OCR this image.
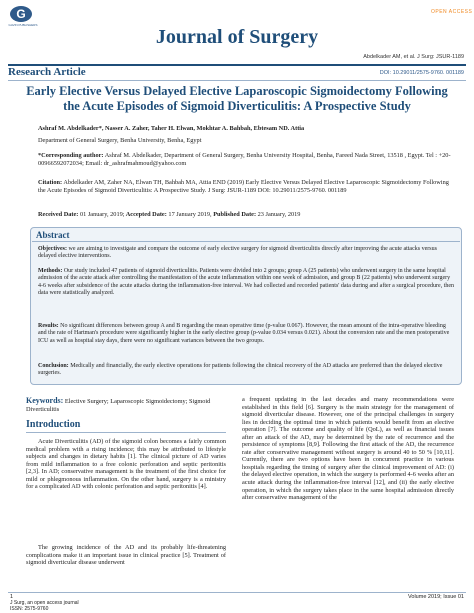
G
GAVIN PUBLISHERS
OPEN ACCESS
Journal of Surgery
Abdelkader AM, et al. J Surg: JSUR-1189
Research Article	DOI: 10.29011/2575-9760. 001189
Early Elective Versus Delayed Elective Laparoscopic Sigmoidectomy Following the Acute Episodes of Sigmoid Diverticulitis: A Prospective Study
Ashraf M. Abdelkader*, Nasser A. Zaher, Taher H. Elwan, Mokhtar A. Bahbah, Ebtesam ND. Attia
Department of General Surgery, Benha University, Benha, Egypt
*Corresponding author: Ashraf M. Abdelkader, Department of General Surgery, Benha University Hospital, Benha, Fareed Nada Street, 13518 , Egypt. Tel : +20-00966592072034; Email: dr_ashrafmahmoud@yahoo.com
Citation: Abdelkader AM, Zaher NA, Elwan TH, Bahbah MA, Attia END (2019) Early Elective Versus Delayed Elective Laparoscopic Sigmoidectomy Following the Acute Episodes of Sigmoid Diverticulitis: A Prospective Study. J Surg: JSUR-1189 DOI: 10.29011/2575-9760. 001189
Received Date: 01 January, 2019; Accepted Date: 17 January 2019, Published Date: 23 January, 2019
Abstract
Objectives: we are aiming to investigate and compare the outcome of early elective surgery for sigmoid diverticulitis directly after improving the acute attacks versus delayed elective interventions.
Methods: Our study included 47 patients of sigmoid diverticulitis. Patients were divided into 2 groups; group A (25 patients) who underwent surgery in the same hospital admission of the acute attack after controlling the manifestation of the acute inflammation within one week of admission, and group B (22 patients) who underwent surgery 4-6 weeks after subsidence of the acute attacks during the inflammation-free interval. We had collected and recorded patients' data during and after a surgical procedure, then data were statistically analyzed.
Results: No significant differences between group A and B regarding the mean operative time (p-value 0.067). However, the mean amount of the intra-operative bleeding and the rate of Hartman's procedure were significantly higher in the early elective group (p-value 0.034 versus 0.021). About the conversion rate and the men postoperative ICU as well as hospital stay days, there were no significant variances between the two groups.
Conclusion: Medically and financially, the early elective operations for patients following the clinical recovery of the AD attacks are preferred than the delayed elective surgeries.
Keywords: Elective Surgery; Laparoscopic Sigmoidectomy; Sigmoid Diverticulitis
Introduction
Acute Diverticulitis (AD) of the sigmoid colon becomes a fairly common medical problem with a rising incidence; this may be attributed to lifestyle subjects and changes in dietary habits [1]. The clinical picture of AD varies from mild inflammation to a free colonic perforation and septic peritonitis [2,3]. In AD; conservative management is the treatment of the first choice for mild or phlegmonous inflammation. On the other hand, surgery is a ministry for a complicated AD with colonic perforation and septic peritonitis [4].
The growing incidence of the AD and its probably life-threatening complications make it an important issue in clinical practice [5]. Treatment of sigmoid diverticular disease underwent
a frequent updating in the last decades and many recommendations were established in this field [6]. Surgery is the main strategy for the management of sigmoid diverticular disease. However, one of the principal challenges in surgery lies in deciding the optimal time in which patients would benefit from an elective operation [7]. The outcome and quality of life (QoL), as well as financial issues after an attack of the AD, may be determined by the rate of recurrence and the persistence of symptoms [8,9]. Following the first attack of the AD, the recurrence rate after conservative management without surgery is around 40 to 50 % [10,11]. Currently, there are two options have been in concurrent practice in various hospitals regarding the timing of surgery after the clinical improvement of AD: (i) the delayed elective operation, in which the surgery is performed 4-6 weeks after an acute attack during the inflammation-free interval [12], and (ii) the early elective operation, in which the surgery takes place in the same hospital admission directly after conservative management of the
1
J Surg, an open access journal
ISSN: 2575-9760
Volume 2019; Issue 01
